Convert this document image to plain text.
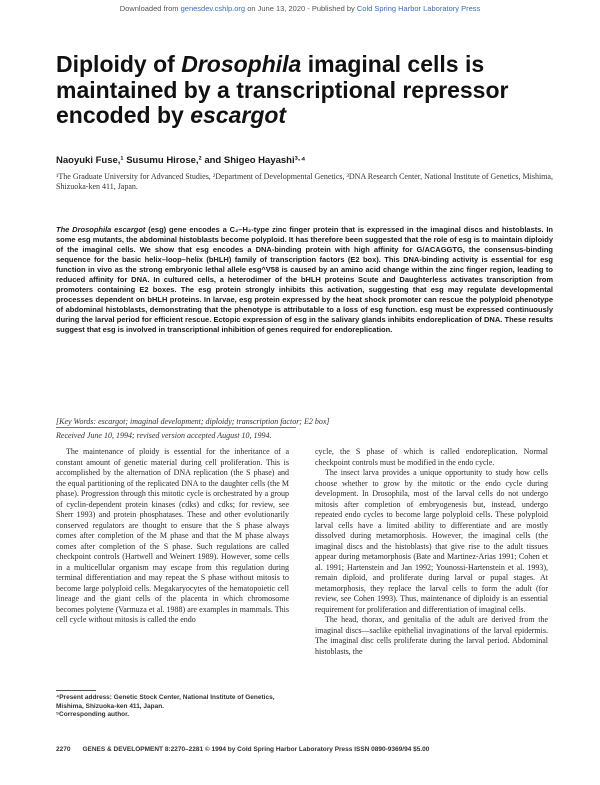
Downloaded from genesdev.cshlp.org on June 13, 2020 - Published by Cold Spring Harbor Laboratory Press
Diploidy of Drosophila imaginal cells is maintained by a transcriptional repressor encoded by escargot
Naoyuki Fuse,¹ Susumu Hirose,² and Shigeo Hayashi³·⁴
¹The Graduate University for Advanced Studies, ²Department of Developmental Genetics, ³DNA Research Center, National Institute of Genetics, Mishima, Shizuoka-ken 411, Japan.
The Drosophila escargot (esg) gene encodes a C₂–H₂-type zinc finger protein that is expressed in the imaginal discs and histoblasts. In some esg mutants, the abdominal histoblasts become polyploid. It has therefore been suggested that the role of esg is to maintain diploidy of the imaginal cells. We show that esg encodes a DNA-binding protein with high affinity for G/ACAGGTG, the consensus-binding sequence for the basic helix–loop–helix (bHLH) family of transcription factors (E2 box). This DNA-binding activity is essential for esg function in vivo as the strong embryonic lethal allele esg^V58 is caused by an amino acid change within the zinc finger region, leading to reduced affinity for DNA. In cultured cells, a heterodimer of the bHLH proteins Scute and Daughterless activates transcription from promoters containing E2 boxes. The esg protein strongly inhibits this activation, suggesting that esg may regulate developmental processes dependent on bHLH proteins. In larvae, esg protein expressed by the heat shock promoter can rescue the polyploid phenotype of abdominal histoblasts, demonstrating that the phenotype is attributable to a loss of esg function. esg must be expressed continuously during the larval period for efficient rescue. Ectopic expression of esg in the salivary glands inhibits endoreplication of DNA. These results suggest that esg is involved in transcriptional inhibition of genes required for endoreplication.
[Key Words: escargot; imaginal development; diploidy; transcription factor; E2 box]
Received June 10, 1994; revised version accepted August 10, 1994.

The maintenance of ploidy is essential for the inheritance of a constant amount of genetic material during cell proliferation. This is accomplished by the alternation of DNA replication (the S phase) and the equal partitioning of the replicated DNA to the daughter cells (the M phase). Progression through this mitotic cycle is orchestrated by a group of cyclin-dependent protein kinases (cdks) and cdks; for review, see Sherr 1993) and protein phosphatases. These and other evolutionarily conserved regulators are thought to ensure that the S phase always comes after completion of the M phase and that the M phase always comes after completion of the S phase. Such regulations are called checkpoint controls (Hartwell and Weinert 1989). However, some cells in a multicellular organism may escape from this regulation during terminal differentiation and may repeat the S phase without mitosis to become large polyploid cells. Megakaryocytes of the hematopoietic cell lineage and the giant cells of the placenta in which chromosome becomes polytene (Varmuza et al. 1988) are examples in mammals. This cell cycle without mitosis is called the endo

cycle, the S phase of which is called endoreplication. Normal checkpoint controls must be modified in the endo cycle.

The insect larva provides a unique opportunity to study how cells choose whether to grow by the mitotic or the endo cycle during development. In Drosophila, most of the larval cells do not undergo mitosis after completion of embryogenesis but, instead, undergo repeated endo cycles to become large polyploid cells. These polyploid larval cells have a limited ability to differentiate and are mostly dissolved during metamorphosis. However, the imaginal cells (the imaginal discs and the histoblasts) that give rise to the adult tissues appear during metamorphosis (Bate and Martinez-Arias 1991; Cohen et al. 1991; Hartenstein and Jan 1992; Younossi-Hartenstein et al. 1993), remain diploid, and proliferate during larval or pupal stages. At metamorphosis, they replace the larval cells to form the adult (for review, see Cohen 1993). Thus, maintenance of diploidy is an essential requirement for proliferation and differentiation of imaginal cells.

The head, thorax, and genitalia of the adult are derived from the imaginal discs—saclike epithelial invaginations of the larval epidermis. The imaginal disc cells proliferate during the larval period. Abdominal histoblasts, the

⁴Present address: Genetic Stock Center, National Institute of Genetics, Mishima, Shizuoka-ken 411, Japan.
⁵Corresponding author.
2270 GENES & DEVELOPMENT 8:2270–2281 © 1994 by Cold Spring Harbor Laboratory Press ISSN 0890-9369/94 $5.00
